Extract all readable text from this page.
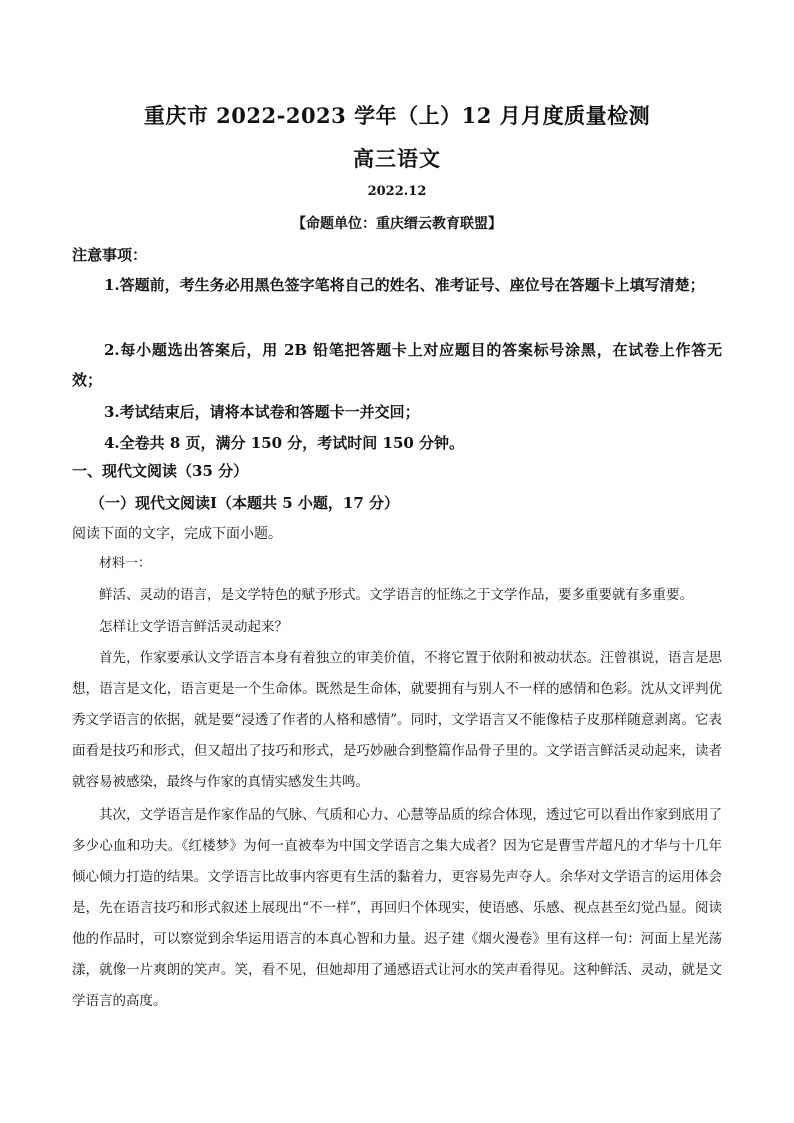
重庆市 2022-2023 学年（上）12 月月度质量检测
高三语文
2022.12
【命题单位：重庆缙云教育联盟】
注意事项：
1.答题前，考生务必用黑色签字笔将自己的姓名、准考证号、座位号在答题卡上填写清楚；
2.每小题选出答案后，用 2B 铅笔把答题卡上对应题目的答案标号涂黑，在试卷上作答无效；
3.考试结束后，请将本试卷和答题卡一并交回；
4.全卷共 8 页，满分 150 分，考试时间 150 分钟。
一、现代文阅读（35 分）
（一）现代文阅读Ⅰ（本题共 5 小题，17 分）
阅读下面的文字，完成下面小题。
材料一：
鲜活、灵动的语言，是文学特色的赋予形式。文学语言的怔练之于文学作品，要多重要就有多重要。
怎样让文学语言鲜活灵动起来？
首先，作家要承认文学语言本身有着独立的审美价值，不将它置于依附和被动状态。汪曾祺说，语言是思想，语言是文化，语言更是一个生命体。既然是生命体，就要拥有与别人不一样的感情和色彩。沈从文评判优秀文学语言的依据，就是要“浸透了作者的人格和感情”。同时，文学语言又不能像桔子皮那样随意剥离。它表面看是技巧和形式，但又超出了技巧和形式，是巧妙融合到整篇作品骨子里的。文学语言鲜活灵动起来，读者就容易被感染，最终与作家的真情实感发生共鸣。
其次，文学语言是作家作品的气脉、气质和心力、心慧等品质的综合体现，透过它可以看出作家到底用了多少心血和功夫。《红楼梦》为何一直被奉为中国文学语言之集大成者？因为它是曹雪芹超凡的才华与十几年倾心倾力打造的结果。文学语言比故事内容更有生活的黏着力，更容易先声夺人。余华对文学语言的运用体会是，先在语言技巧和形式叙述上展现出“不一样”，再回归个体现实，使语感、乐感、视点甚至幻觉凸显。阅读他的作品时，可以察觉到余华运用语言的本真心智和力量。迟子建《烟火漫卷》里有这样一句：河面上星光荡漾，就像一片爽朗的笑声。笑，看不见，但她却用了通感语式让河水的笑声看得见。这种鲜活、灵动，就是文学语言的高度。
